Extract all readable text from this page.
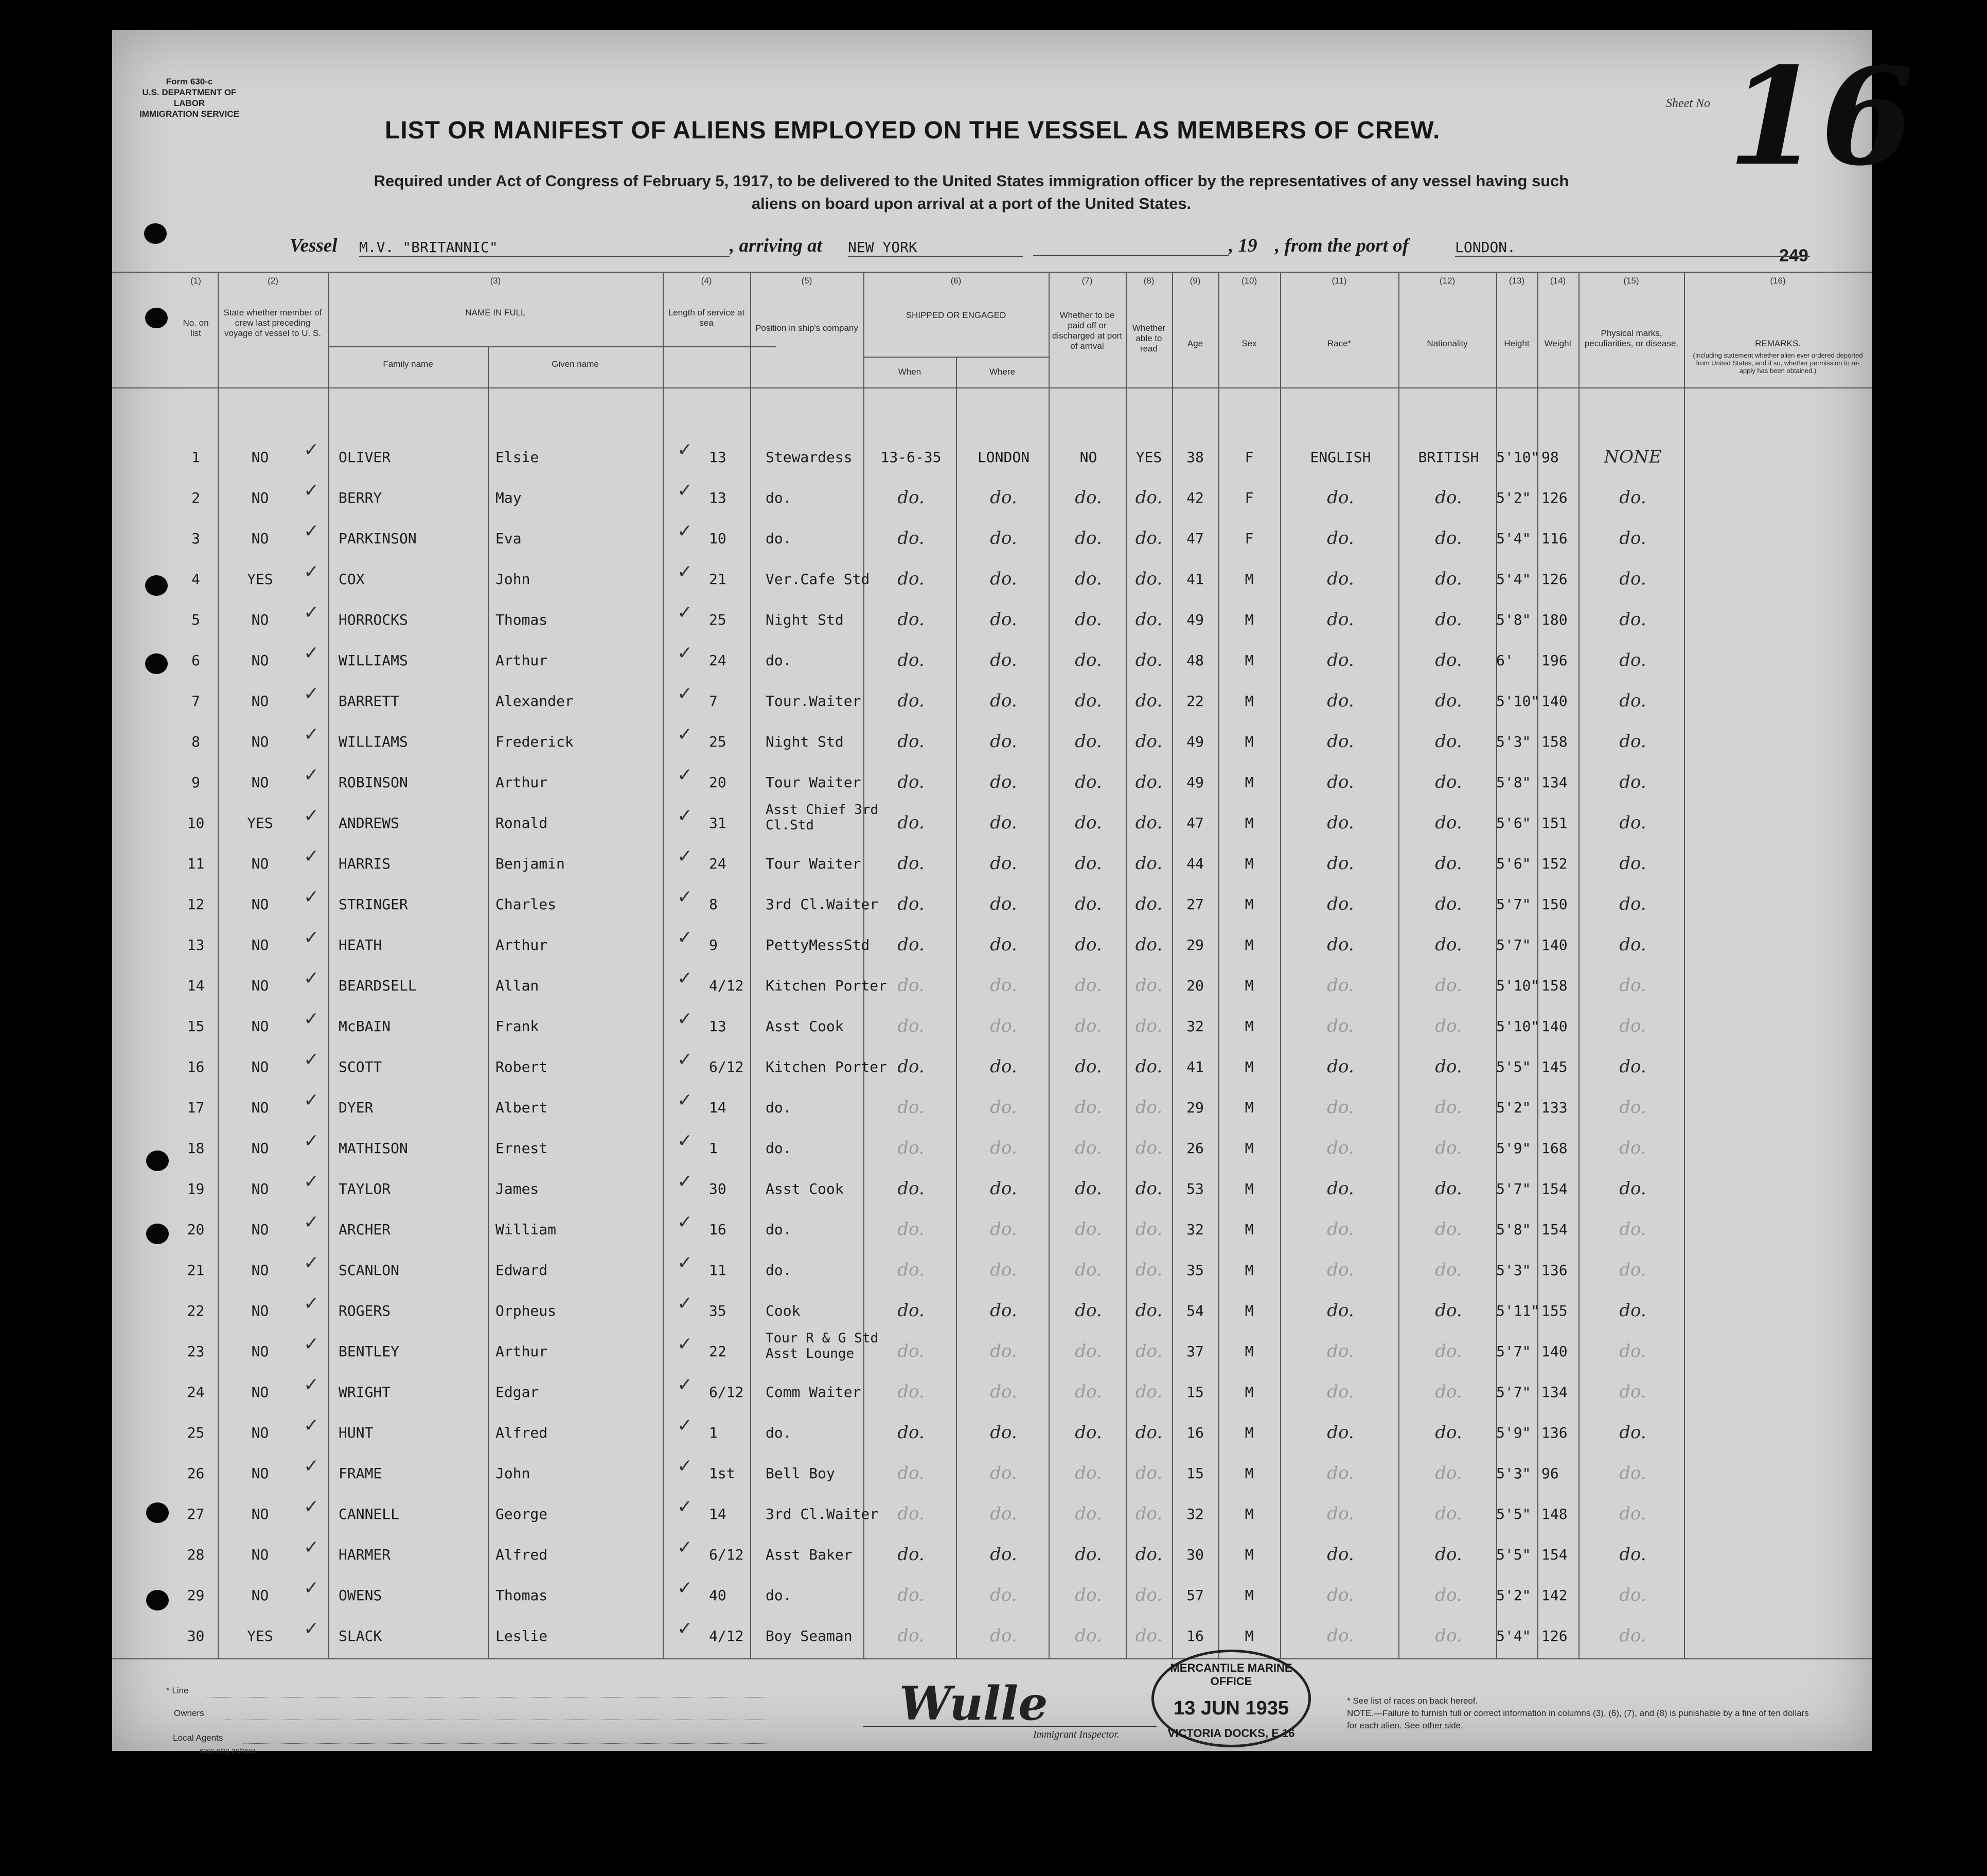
Form 630-c
U.S. DEPARTMENT OF LABOR
IMMIGRATION SERVICE
Sheet No 16
249
LIST OR MANIFEST OF ALIENS EMPLOYED ON THE VESSEL AS MEMBERS OF CREW.
Required under Act of Congress of February 5, 1917, to be delivered to the United States immigration officer by the representatives of any vessel having such
aliens on board upon arrival at a port of the United States.
Vessel M.V. "BRITANNIC"	, arriving at NEW YORK	, 19 , from the port of	LONDON.
(1)	(2)	(3)	(4)	(5)	(6)	(7)	(8)	(9)	(10)	(11)	(12)	(13)	(14)	(15)	(16)
No. on list
State whether member of crew last preceding voyage of vessel to U. S.
NAME IN FULL
Family name	Given name
Length of service at sea
Position in ship's company
SHIPPED OR ENGAGED
When	Where
Whether to be paid off or discharged at port of arrival
Whether able to read
Age	Sex	Race*	Nationality	Height	Weight
Physical marks, peculiarities, or disease.	REMARKS.
(Including statement whether alien ever ordered deported from United States, and if so, whether permission to re-apply has been obtained.)
✓	✓
1	NO	OLIVER	Elsie	13	Stewardess	13-6-35	LONDON	NO	YES	38	F	ENGLISH	BRITISH	5'10" 98	NONE
✓	✓
2	NO	BERRY	May	13	do.	do.	do.	do.	do.	42	F	do.	do.	5'2" 126	do.
✓	✓
3	NO	PARKINSON	Eva	10	do.	do.	do.	do.	do.	47	F	do.	do.	5'4" 116	do.
✓	✓
4	YES	COX	John	21	Ver.Cafe Std	do.	do.	do.	do.	41	M	do.	do.	5'4" 126	do.
✓	✓
5	NO	HORROCKS	Thomas	25	Night Std	do.	do.	do.	do.	49	M	do.	do.	5'8" 180	do.
✓	✓
6	NO	WILLIAMS	Arthur	24	do.	do.	do.	do.	do.	48	M	do.	do.	6'	196	do.
✓	✓
7	NO	BARRETT	Alexander	7	Tour.Waiter	do.	do.	do.	do.	22	M	do.	do.	5'10" 140	do.
✓	✓
8	NO	WILLIAMS	Frederick	25	Night Std	do.	do.	do.	do.	49	M	do.	do.	5'3" 158	do.
✓	✓
9	NO	ROBINSON	Arthur	20	Tour Waiter	do.	do.	do.	do.	49	M	do.	do.	5'8" 134	do.
✓	✓
10	YES	ANDREWS	Ronald	31
Asst Chief 3rd Cl.Std	do.	do.	do.	do.	47	M	do.	do.	5'6" 151	do.
✓	✓
11	NO	HARRIS	Benjamin	24	Tour Waiter	do.	do.	do.	do.	44	M	do.	do.	5'6" 152	do.
✓	✓
12	NO	STRINGER	Charles	8	3rd Cl.Waiter	do.	do.	do.	do.	27	M	do.	do.	5'7" 150	do.
✓	✓
13	NO	HEATH	Arthur	9	PettyMessStd	do.	do.	do.	do.	29	M	do.	do.	5'7" 140	do.
✓	✓
14	NO	BEARDSELL	Allan	4/12	Kitchen Porter do.	do.	do.	do.	20	M	do.	do.	5'10" 158	do.
✓	✓
15	NO	McBAIN	Frank	13	Asst Cook	do.	do.	do.	do.	32	M	do.	do.	5'10" 140	do.
✓	✓
16	NO	SCOTT	Robert	6/12	Kitchen Porter do.	do.	do.	do.	41	M	do.	do.	5'5" 145	do.
✓	✓
17	NO	DYER	Albert	14	do.	do.	do.	do.	do.	29	M	do.	do.	5'2" 133	do.
✓	✓
18	NO	MATHISON	Ernest	1	do.	do.	do.	do.	do.	26	M	do.	do.	5'9" 168	do.
✓	✓
19	NO	TAYLOR	James	30	Asst Cook	do.	do.	do.	do.	53	M	do.	do.	5'7" 154	do.
✓	✓
20	NO	ARCHER	William	16	do.	do.	do.	do.	do.	32	M	do.	do.	5'8" 154	do.
✓	✓
21	NO	SCANLON	Edward	11	do.	do.	do.	do.	do.	35	M	do.	do.	5'3" 136	do.
✓	✓
22	NO	ROGERS	Orpheus	35	Cook	do.	do.	do.	do.	54	M	do.	do.	5'11" 155	do.
✓	✓
23	NO	BENTLEY	Arthur	22
Tour R & G Std Asst Lounge	do.	do.	do.	do.	37	M	do.	do.	5'7" 140	do.
✓	✓
24	NO	WRIGHT	Edgar	6/12	Comm Waiter	do.	do.	do.	do.	15	M	do.	do.	5'7" 134	do.
✓	✓
25	NO	HUNT	Alfred	1	do.	do.	do.	do.	do.	16	M	do.	do.	5'9" 136	do.
✓	✓
26	NO	FRAME	John	1st	Bell Boy	do.	do.	do.	do.	15	M	do.	do.	5'3" 96	do.
✓	✓
27	NO	CANNELL	George	14	3rd Cl.Waiter	do.	do.	do.	do.	32	M	do.	do.	5'5" 148	do.
✓	✓
28	NO	HARMER	Alfred	6/12	Asst Baker	do.	do.	do.	do.	30	M	do.	do.	5'5" 154	do.
✓	✓
29	NO	OWENS	Thomas	40	do.	do.	do.	do.	do.	57	M	do.	do.	5'2" 142	do.
✓	✓
30	YES	SLACK	Leslie	4/12	Boy Seaman	do.	do.	do.	do.	16	M	do.	do.	5'4" 126	do.
* Line
Owners
Local Agents
6000 8/33-28/3604
Wulle
Immigrant Inspector.
MERCANTILE MARINE OFFICE
13 JUN 1935
VICTORIA DOCKS, E.16
* See list of races on back hereof.
NOTE.—Failure to furnish full or correct information in columns (3), (6), (7), and (8) is punishable by a fine of ten dollars for each alien. See other side.
